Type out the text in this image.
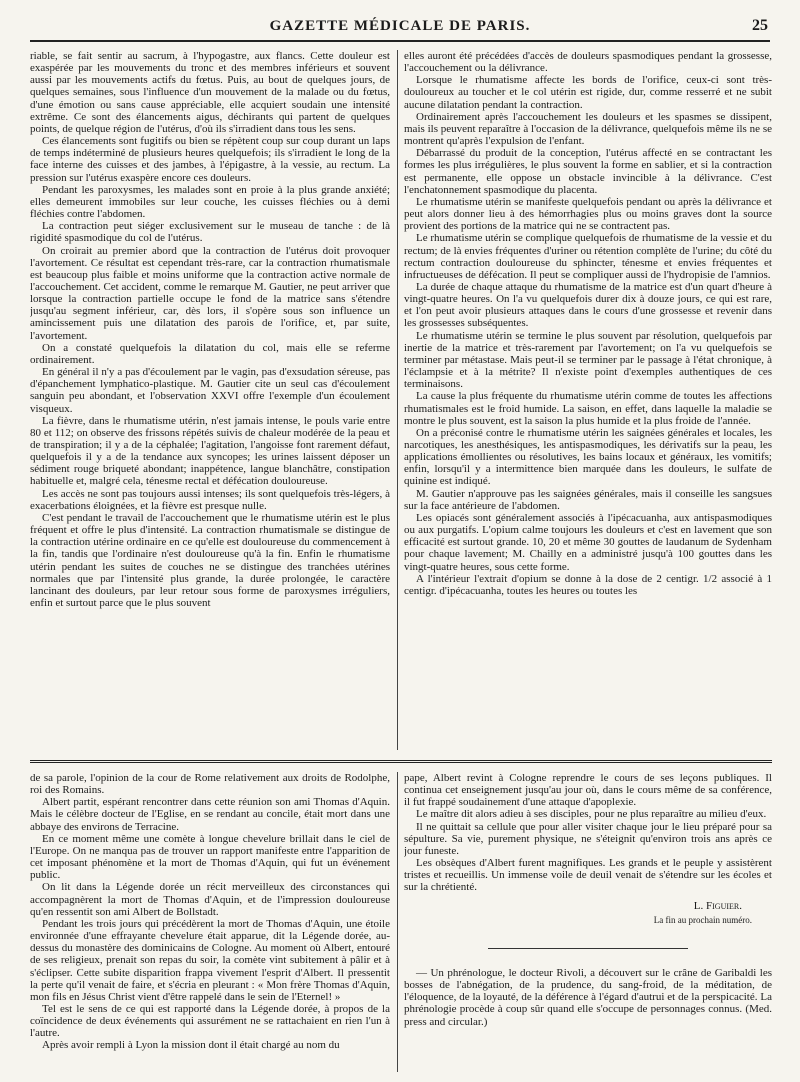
GAZETTE MÉDICALE DE PARIS.	25

riable, se fait sentir au sacrum, à l'hypogastre, aux flancs. Cette douleur est exaspérée par les mouvements du tronc et des membres inférieurs et souvent aussi par les mouvements actifs du fœtus. Puis, au bout de quelques jours, de quelques semaines, sous l'influence d'un mouvement de la malade ou du fœtus, d'une émotion ou sans cause appréciable, elle acquiert soudain une intensité extrême. Ce sont des élancements aigus, déchirants qui partent de quelques points, de quelque région de l'utérus, d'où ils s'irradient dans tous les sens.

Ces élancements sont fugitifs ou bien se répètent coup sur coup durant un laps de temps indéterminé de plusieurs heures quelquefois; ils s'irradient le long de la face interne des cuisses et des jambes, à l'épigastre, à la vessie, au rectum. La pression sur l'utérus exaspère encore ces douleurs.

Pendant les paroxysmes, les malades sont en proie à la plus grande anxiété; elles demeurent immobiles sur leur couche, les cuisses fléchies ou à demi fléchies contre l'abdomen.

La contraction peut siéger exclusivement sur le museau de tanche : de là rigidité spasmodique du col de l'utérus.

On croirait au premier abord que la contraction de l'utérus doit provoquer l'avortement. Ce résultat est cependant très-rare, car la contraction rhumatismale est beaucoup plus faible et moins uniforme que la contraction active normale de l'accouchement. Cet accident, comme le remarque M. Gautier, ne peut arriver que lorsque la contraction partielle occupe le fond de la matrice sans s'étendre jusqu'au segment inférieur, car, dès lors, il s'opère sous son influence un amincissement puis une dilatation des parois de l'orifice, et, par suite, l'avortement.

On a constaté quelquefois la dilatation du col, mais elle se referme ordinairement.

En général il n'y a pas d'écoulement par le vagin, pas d'exsudation séreuse, pas d'épanchement lymphatico-plastique. M. Gautier cite un seul cas d'écoulement sanguin peu abondant, et l'observation XXVI offre l'exemple d'un écoulement visqueux.

La fièvre, dans le rhumatisme utérin, n'est jamais intense, le pouls varie entre 80 et 112; on observe des frissons répétés suivis de chaleur modérée de la peau et de transpiration; il y a de la céphalée; l'agitation, l'angoisse font rarement défaut, quelquefois il y a de la tendance aux syncopes; les urines laissent déposer un sédiment rouge briqueté abondant; inappétence, langue blanchâtre, constipation habituelle et, malgré cela, ténesme rectal et défécation douloureuse.

Les accès ne sont pas toujours aussi intenses; ils sont quelquefois très-légers, à exacerbations éloignées, et la fièvre est presque nulle.

C'est pendant le travail de l'accouchement que le rhumatisme utérin est le plus fréquent et offre le plus d'intensité. La contraction rhumatismale se distingue de la contraction utérine ordinaire en ce qu'elle est douloureuse du commencement à la fin, tandis que l'ordinaire n'est douloureuse qu'à la fin. Enfin le rhumatisme utérin pendant les suites de couches ne se distingue des tranchées utérines normales que par l'intensité plus grande, la durée prolongée, le caractère lancinant des douleurs, par leur retour sous forme de paroxysmes irréguliers, enfin et surtout parce que le plus souvent

elles auront été précédées d'accès de douleurs spasmodiques pendant la grossesse, l'accouchement ou la délivrance.

Lorsque le rhumatisme affecte les bords de l'orifice, ceux-ci sont très-douloureux au toucher et le col utérin est rigide, dur, comme resserré et ne subit aucune dilatation pendant la contraction.

Ordinairement après l'accouchement les douleurs et les spasmes se dissipent, mais ils peuvent reparaître à l'occasion de la délivrance, quelquefois même ils ne se montrent qu'après l'expulsion de l'enfant.

Débarrassé du produit de la conception, l'utérus affecté en se contractant les formes les plus irrégulières, le plus souvent la forme en sablier, et si la contraction est permanente, elle oppose un obstacle invincible à la délivrance. C'est l'enchatonnement spasmodique du placenta.

Le rhumatisme utérin se manifeste quelquefois pendant ou après la délivrance et peut alors donner lieu à des hémorrhagies plus ou moins graves dont la source provient des portions de la matrice qui ne se contractent pas.

Le rhumatisme utérin se complique quelquefois de rhumatisme de la vessie et du rectum; de là envies fréquentes d'uriner ou rétention complète de l'urine; du côté du rectum contraction douloureuse du sphincter, ténesme et envies fréquentes et infructueuses de défécation. Il peut se compliquer aussi de l'hydropisie de l'amnios.

La durée de chaque attaque du rhumatisme de la matrice est d'un quart d'heure à vingt-quatre heures. On l'a vu quelquefois durer dix à douze jours, ce qui est rare, et l'on peut avoir plusieurs attaques dans le cours d'une grossesse et revenir dans les grossesses subséquentes.

Le rhumatisme utérin se termine le plus souvent par résolution, quelquefois par inertie de la matrice et très-rarement par l'avortement; on l'a vu quelquefois se terminer par métastase. Mais peut-il se terminer par le passage à l'état chronique, à l'éclampsie et à la métrite? Il n'existe point d'exemples authentiques de ces terminaisons.

La cause la plus fréquente du rhumatisme utérin comme de toutes les affections rhumatismales est le froid humide. La saison, en effet, dans laquelle la maladie se montre le plus souvent, est la saison la plus humide et la plus froide de l'année.

On a préconisé contre le rhumatisme utérin les saignées générales et locales, les narcotiques, les anesthésiques, les antispasmodiques, les dérivatifs sur la peau, les applications émollientes ou résolutives, les bains locaux et généraux, les vomitifs; enfin, lorsqu'il y a intermittence bien marquée dans les douleurs, le sulfate de quinine est indiqué.

M. Gautier n'approuve pas les saignées générales, mais il conseille les sangsues sur la face antérieure de l'abdomen.

Les opiacés sont généralement associés à l'ipécacuanha, aux antispasmodiques ou aux purgatifs. L'opium calme toujours les douleurs et c'est en lavement que son efficacité est surtout grande. 10, 20 et même 30 gouttes de laudanum de Sydenham pour chaque lavement; M. Chailly en a administré jusqu'à 100 gouttes dans les vingt-quatre heures, sous cette forme.

A l'intérieur l'extrait d'opium se donne à la dose de 2 centigr. 1/2 associé à 1 centigr. d'ipécacuanha, toutes les heures ou toutes les

de sa parole, l'opinion de la cour de Rome relativement aux droits de Rodolphe, roi des Romains.

Albert partit, espérant rencontrer dans cette réunion son ami Thomas d'Aquin. Mais le célèbre docteur de l'Eglise, en se rendant au concile, était mort dans une abbaye des environs de Terracine.

En ce moment même une comète à longue chevelure brillait dans le ciel de l'Europe. On ne manqua pas de trouver un rapport manifeste entre l'apparition de cet imposant phénomène et la mort de Thomas d'Aquin, qui fut un événement public.

On lit dans la Légende dorée un récit merveilleux des circonstances qui accompagnèrent la mort de Thomas d'Aquin, et de l'impression douloureuse qu'en ressentit son ami Albert de Bollstadt.

Pendant les trois jours qui précédèrent la mort de Thomas d'Aquin, une étoile environnée d'une effrayante chevelure était apparue, dit la Légende dorée, au-dessus du monastère des dominicains de Cologne. Au moment où Albert, entouré de ses religieux, prenait son repas du soir, la comète vint subitement à pâlir et à s'éclipser. Cette subite disparition frappa vivement l'esprit d'Albert. Il pressentit la perte qu'il venait de faire, et s'écria en pleurant : « Mon frère Thomas d'Aquin, mon fils en Jésus Christ vient d'être rappelé dans le sein de l'Eternel! »

Tel est le sens de ce qui est rapporté dans la Légende dorée, à propos de la coïncidence de deux événements qui assurément ne se rattachaient en rien l'un à l'autre.

Après avoir rempli à Lyon la mission dont il était chargé au nom du

pape, Albert revint à Cologne reprendre le cours de ses leçons publiques. Il continua cet enseignement jusqu'au jour où, dans le cours même de sa conférence, il fut frappé soudainement d'une attaque d'apoplexie.

Le maître dit alors adieu à ses disciples, pour ne plus reparaître au milieu d'eux.

Il ne quittait sa cellule que pour aller visiter chaque jour le lieu préparé pour sa sépulture. Sa vie, purement physique, ne s'éteignit qu'environ trois ans après ce jour funeste.

Les obsèques d'Albert furent magnifiques. Les grands et le peuple y assistèrent tristes et recueillis. Un immense voile de deuil venait de s'étendre sur les écoles et sur la chrétienté.

L. Figuier.
La fin au prochain numéro.

— Un phrénologue, le docteur Rivoli, a découvert sur le crâne de Garibaldi les bosses de l'abnégation, de la prudence, du sang-froid, de la méditation, de l'éloquence, de la loyauté, de la déférence à l'égard d'autrui et de la perspicacité. La phrénologie procède à coup sûr quand elle s'occupe de personnages connus. (Med. press and circular.)
